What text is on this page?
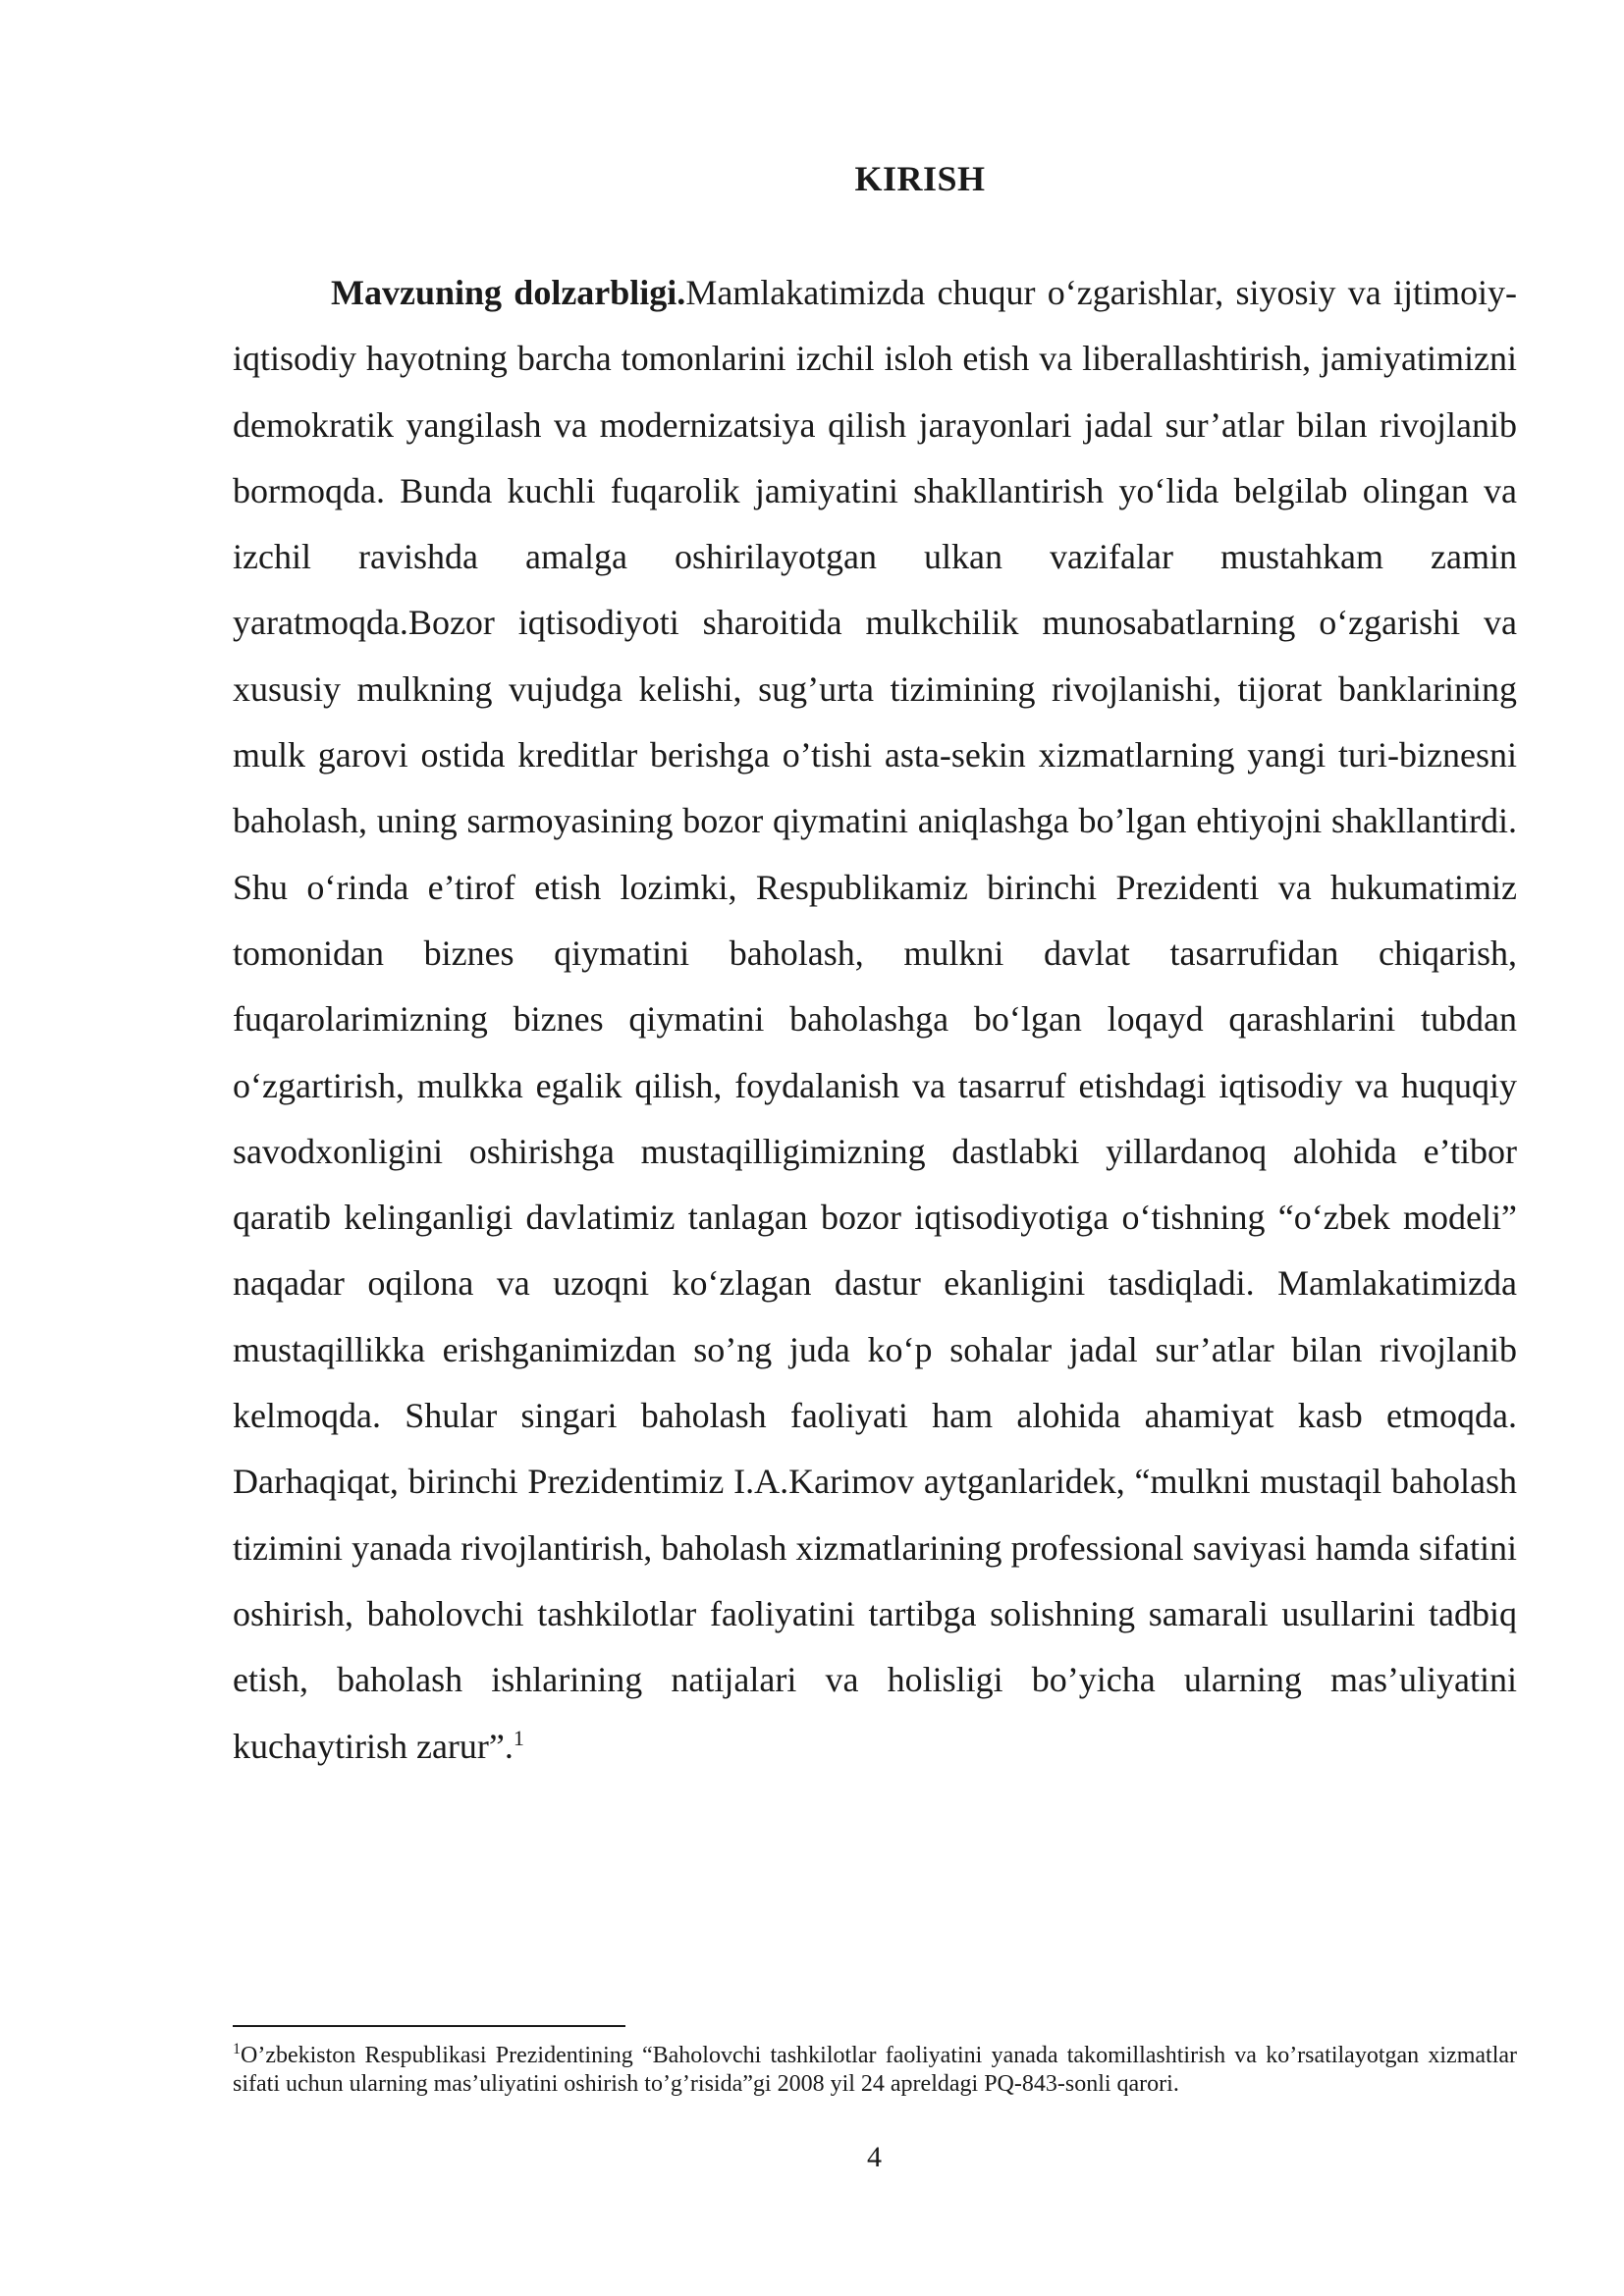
KIRISH

Mavzuning dolzarbligi.Mamlakatimizda chuqur o‘zgarishlar, siyosiy va ijtimoiy-iqtisodiy hayotning barcha tomonlarini izchil isloh etish va liberallashtirish, jamiyatimizni demokratik yangilash va modernizatsiya qilish jarayonlari jadal sur’atlar bilan rivojlanib bormoqda. Bunda kuchli fuqarolik jamiyatini shakllantirish yo‘lida belgilab olingan va izchil ravishda amalga oshirilayotgan ulkan vazifalar mustahkam zamin yaratmoqda.Bozor iqtisodiyoti sharoitida mulkchilik munosabatlarning o‘zgarishi va xususiy mulkning vujudga kelishi, sug’urta tizimining rivojlanishi, tijorat banklarining mulk garovi ostida kreditlar berishga o’tishi asta-sekin xizmatlarning yangi turi-biznesni baholash, uning sarmoyasining bozor qiymatini aniqlashga bo’lgan ehtiyojni shakllantirdi. Shu o‘rinda e’tirof etish lozimki, Respublikamiz birinchi Prezidenti va hukumatimiz tomonidan biznes qiymatini baholash, mulkni davlat tasarrufidan chiqarish, fuqarolarimizning biznes qiymatini baholashga bo‘lgan loqayd qarashlarini tubdan o‘zgartirish, mulkka egalik qilish, foydalanish va tasarruf etishdagi iqtisodiy va huquqiy savodxonligini oshirishga mustaqilligimizning dastlabki yillardanoq alohida e’tibor qaratib kelinganligi davlatimiz tanlagan bozor iqtisodiyotiga o‘tishning “o‘zbek modeli” naqadar oqilona va uzoqni ko‘zlagan dastur ekanligini tasdiqladi. Mamlakatimizda mustaqillikka erishganimizdan so’ng juda ko‘p sohalar jadal sur’atlar bilan rivojlanib kelmoqda. Shular singari baholash faoliyati ham alohida ahamiyat kasb etmoqda. Darhaqiqat, birinchi Prezidentimiz I.A.Karimov aytganlaridek, “mulkni mustaqil baholash tizimini yanada rivojlantirish, baholash xizmatlarining professional saviyasi hamda sifatini oshirish, baholovchi tashkilotlar faoliyatini tartibga solishning samarali usullarini tadbiq etish, baholash ishlarining natijalari va holisligi bo’yicha ularning mas’uliyatini kuchaytirish zarur”.$^1$

$^1$O’zbekiston Respublikasi Prezidentining “Baholovchi tashkilotlar faoliyatini yanada takomillashtirish va ko’rsatilayotgan xizmatlar sifati uchun ularning mas’uliyatini oshirish to’g’risida”gi 2008 yil 24 apreldagi PQ-843-sonli qarori.

4
